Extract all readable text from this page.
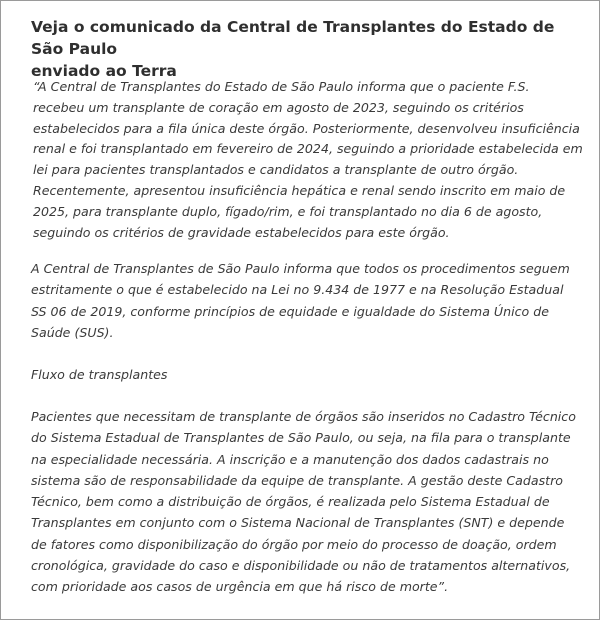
Veja o comunicado da Central de Transplantes do Estado de São Paulo
enviado ao Terra
“A Central de Transplantes do Estado de São Paulo informa que o paciente F.S.
recebeu um transplante de coração em agosto de 2023, seguindo os critérios
estabelecidos para a fila única deste órgão. Posteriormente, desenvolveu insuficiência
renal e foi transplantado em fevereiro de 2024, seguindo a prioridade estabelecida em
lei para pacientes transplantados e candidatos a transplante de outro órgão.
Recentemente, apresentou insuficiência hepática e renal sendo inscrito em maio de
2025, para transplante duplo, fígado/rim, e foi transplantado no dia 6 de agosto,
seguindo os critérios de gravidade estabelecidos para este órgão.
A Central de Transplantes de São Paulo informa que todos os procedimentos seguem
estritamente o que é estabelecido na Lei no 9.434 de 1977 e na Resolução Estadual
SS 06 de 2019, conforme princípios de equidade e igualdade do Sistema Único de
Saúde (SUS).
Fluxo de transplantes
Pacientes que necessitam de transplante de órgãos são inseridos no Cadastro Técnico
do Sistema Estadual de Transplantes de São Paulo, ou seja, na fila para o transplante
na especialidade necessária. A inscrição e a manutenção dos dados cadastrais no
sistema são de responsabilidade da equipe de transplante. A gestão deste Cadastro
Técnico, bem como a distribuição de órgãos, é realizada pelo Sistema Estadual de
Transplantes em conjunto com o Sistema Nacional de Transplantes (SNT) e depende
de fatores como disponibilização do órgão por meio do processo de doação, ordem
cronológica, gravidade do caso e disponibilidade ou não de tratamentos alternativos,
com prioridade aos casos de urgência em que há risco de morte”.
